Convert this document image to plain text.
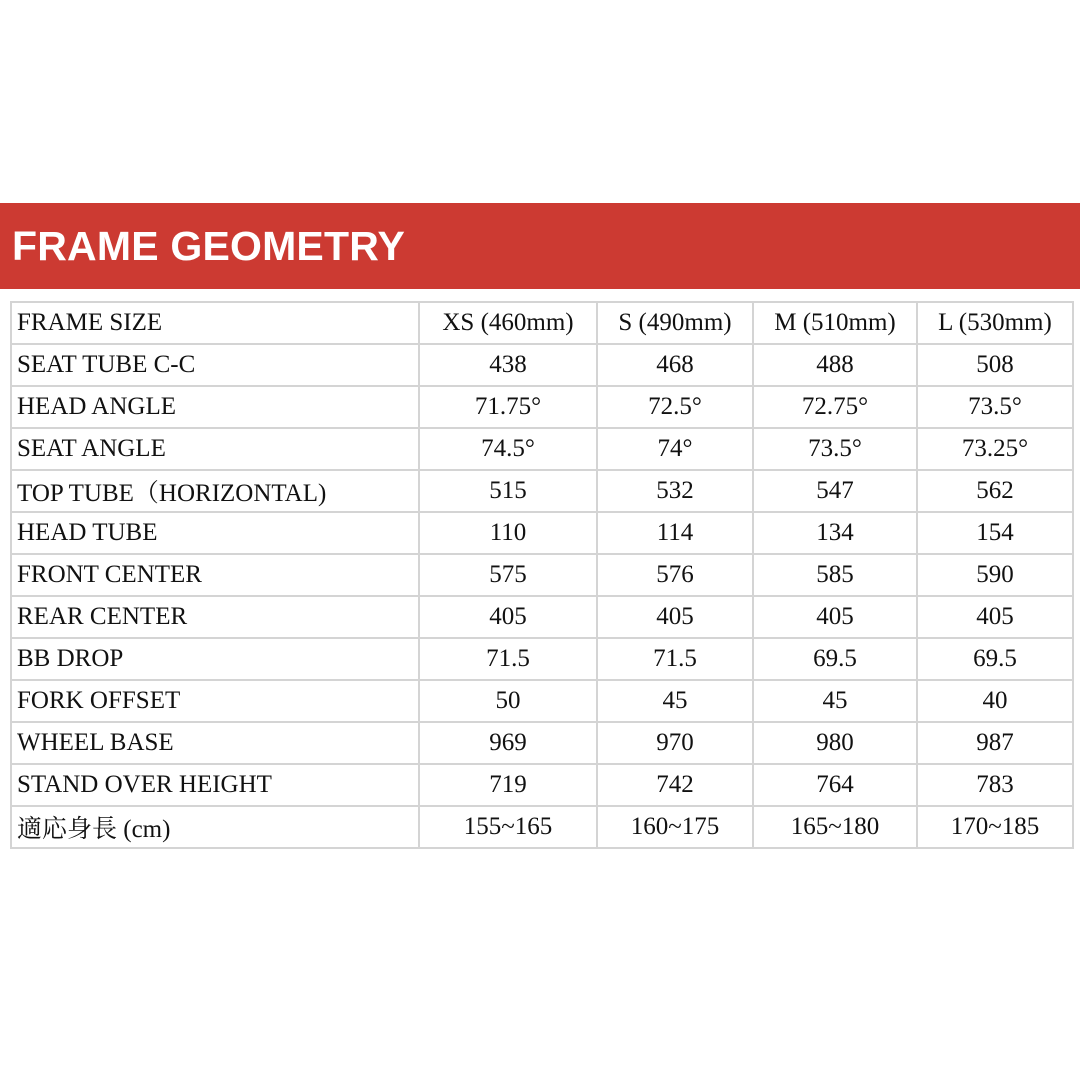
FRAME GEOMETRY
FRAME SIZE	XS (460mm)	S (490mm)	M (510mm)	L (530mm)
SEAT TUBE C-C	438	468	488	508
HEAD ANGLE	71.75°	72.5°	72.75°	73.5°
SEAT ANGLE	74.5°	74°	73.5°	73.25°
TOP TUBE（HORIZONTAL)	515	532	547	562
HEAD TUBE	110	114	134	154
FRONT CENTER	575	576	585	590
REAR CENTER	405	405	405	405
BB DROP	71.5	71.5	69.5	69.5
FORK OFFSET	50	45	45	40
WHEEL BASE	969	970	980	987
STAND OVER HEIGHT	719	742	764	783
適応身長 (cm)	155~165	160~175	165~180	170~185
